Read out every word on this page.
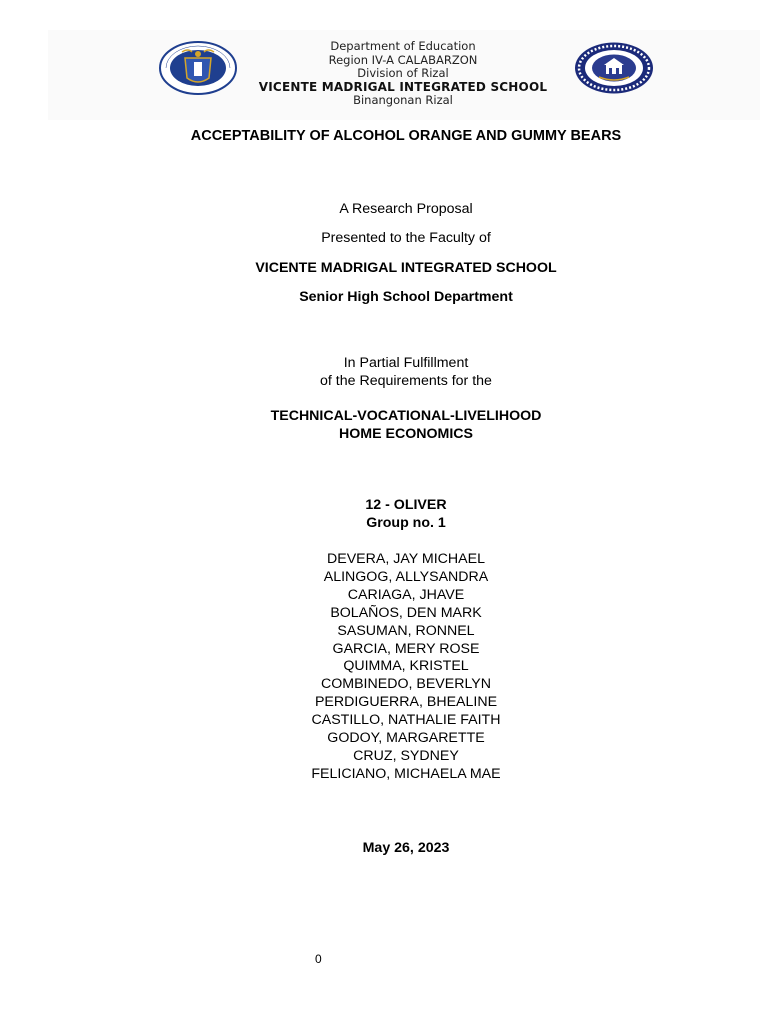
Department of Education
Region IV-A CALABARZON
Division of Rizal
VICENTE MADRIGAL INTEGRATED SCHOOL
Binangonan Rizal
ACCEPTABILITY OF ALCOHOL ORANGE AND GUMMY BEARS
A Research Proposal
Presented to the Faculty of
VICENTE MADRIGAL INTEGRATED SCHOOL
Senior High School Department
In Partial Fulfillment
of the Requirements for the
TECHNICAL-VOCATIONAL-LIVELIHOOD
HOME ECONOMICS
12 - OLIVER
Group no. 1
DEVERA, JAY MICHAEL
ALINGOG, ALLYSANDRA
CARIAGA, JHAVE
BOLAÑOS, DEN MARK
SASUMAN, RONNEL
GARCIA, MERY ROSE
QUIMMA, KRISTEL
COMBINEDO, BEVERLYN
PERDIGUERRA, BHEALINE
CASTILLO, NATHALIE FAITH
GODOY, MARGARETTE
CRUZ, SYDNEY
FELICIANO, MICHAELA MAE
May 26, 2023
0
